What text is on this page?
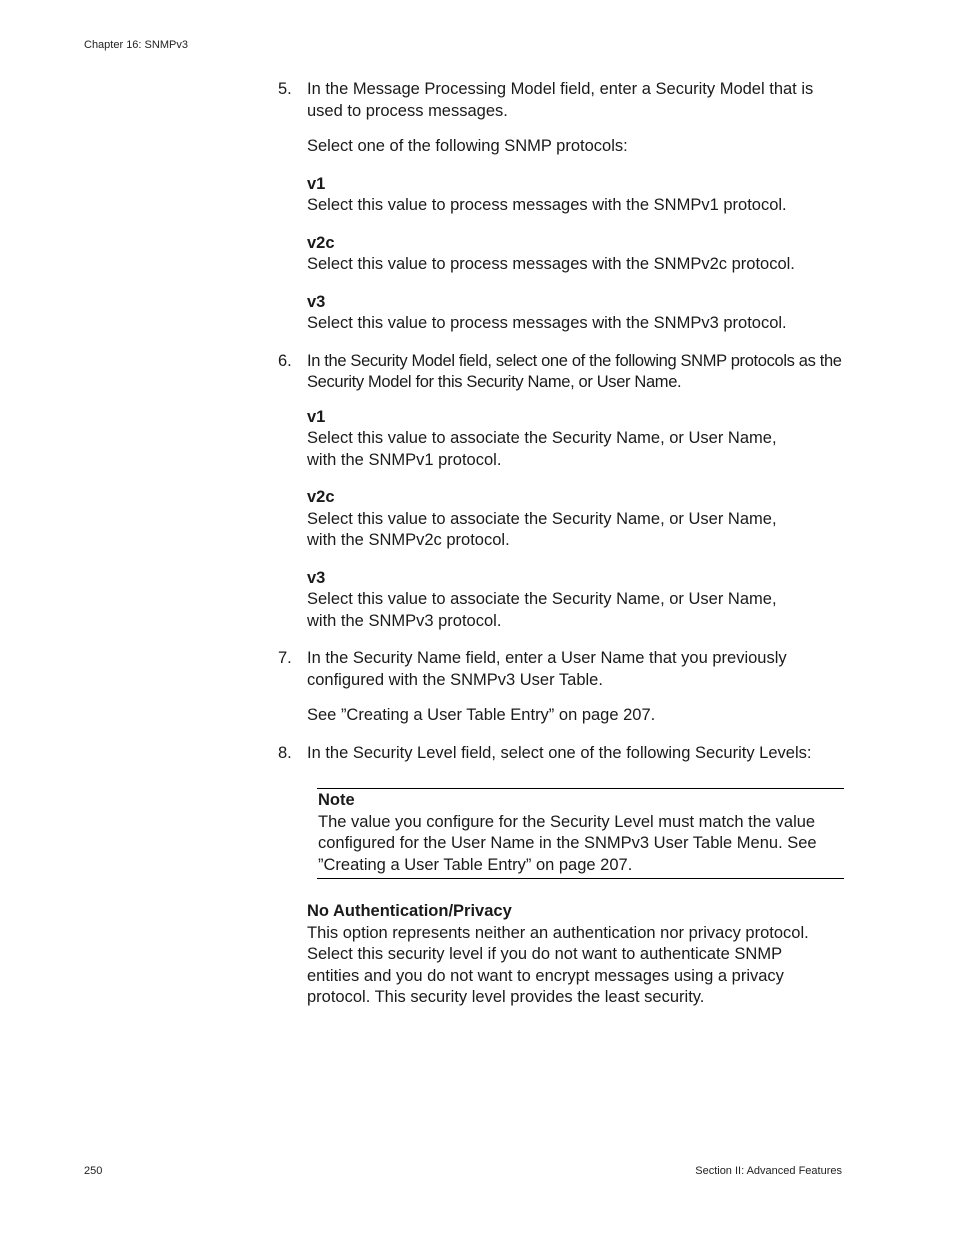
Chapter 16: SNMPv3
5. In the Message Processing Model field, enter a Security Model that is used to process messages.

Select one of the following SNMP protocols:

v1
Select this value to process messages with the SNMPv1 protocol.
v2c
Select this value to process messages with the SNMPv2c protocol.
v3
Select this value to process messages with the SNMPv3 protocol.
6. In the Security Model field, select one of the following SNMP protocols as the Security Model for this Security Name, or User Name.

v1
Select this value to associate the Security Name, or User Name, with the SNMPv1 protocol.
v2c
Select this value to associate the Security Name, or User Name, with the SNMPv2c protocol.
v3
Select this value to associate the Security Name, or User Name, with the SNMPv3 protocol.
7. In the Security Name field, enter a User Name that you previously configured with the SNMPv3 User Table.

See ”Creating a User Table Entry” on page 207.

8. In the Security Level field, select one of the following Security Levels:

Note
The value you configure for the Security Level must match the value configured for the User Name in the SNMPv3 User Table Menu. See ”Creating a User Table Entry” on page 207.
No Authentication/Privacy
This option represents neither an authentication nor privacy protocol. Select this security level if you do not want to authenticate SNMP entities and you do not want to encrypt messages using a privacy protocol. This security level provides the least security.
250	Section II: Advanced Features
